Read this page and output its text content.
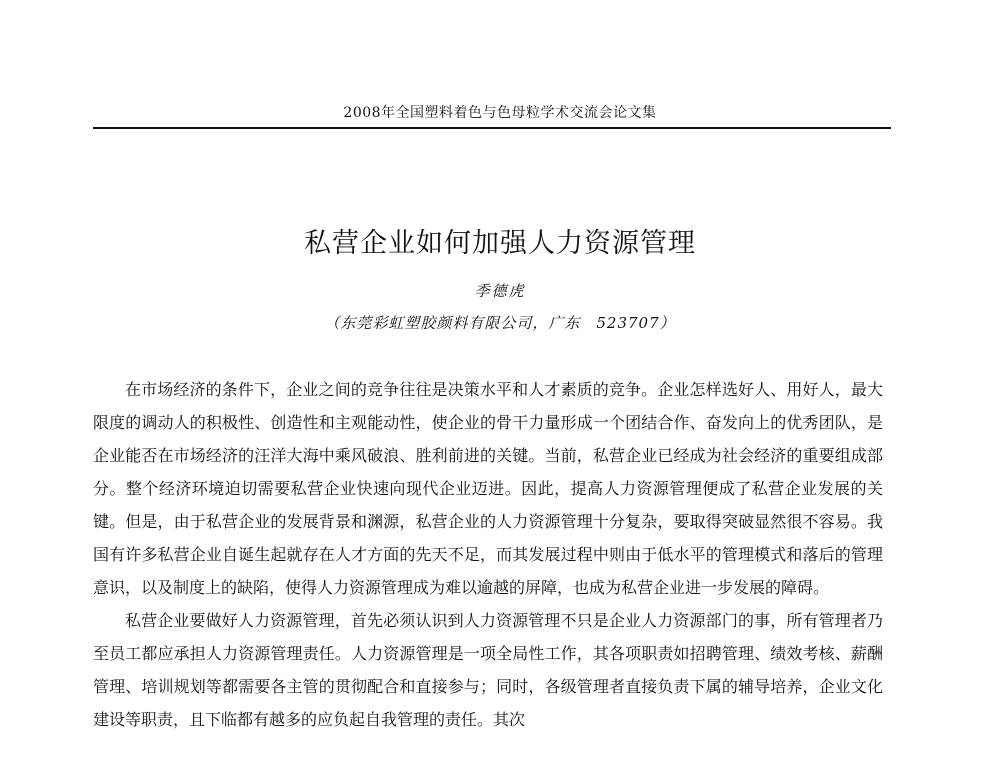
2008年全国塑料着色与色母粒学术交流会论文集
私营企业如何加强人力资源管理
季德虎
（东莞彩虹塑胶颜料有限公司，广东　523707）

在市场经济的条件下，企业之间的竞争往往是决策水平和人才素质的竞争。企业怎样选好人、用好人，最大限度的调动人的积极性、创造性和主观能动性，使企业的骨干力量形成一个团结合作、奋发向上的优秀团队，是企业能否在市场经济的汪洋大海中乘风破浪、胜利前进的关键。当前，私营企业已经成为社会经济的重要组成部分。整个经济环境迫切需要私营企业快速向现代企业迈进。因此，提高人力资源管理便成了私营企业发展的关键。但是，由于私营企业的发展背景和渊源，私营企业的人力资源管理十分复杂，要取得突破显然很不容易。我国有许多私营企业自诞生起就存在人才方面的先天不足，而其发展过程中则由于低水平的管理模式和落后的管理意识，以及制度上的缺陷，使得人力资源管理成为难以逾越的屏障，也成为私营企业进一步发展的障碍。

私营企业要做好人力资源管理，首先必须认识到人力资源管理不只是企业人力资源部门的事，所有管理者乃至员工都应承担人力资源管理责任。人力资源管理是一项全局性工作，其各项职责如招聘管理、绩效考核、薪酬管理、培训规划等都需要各主管的贯彻配合和直接参与；同时，各级管理者直接负责下属的辅导培养，企业文化建设等职责，且下临都有越多的应负起自我管理的责任。其次
